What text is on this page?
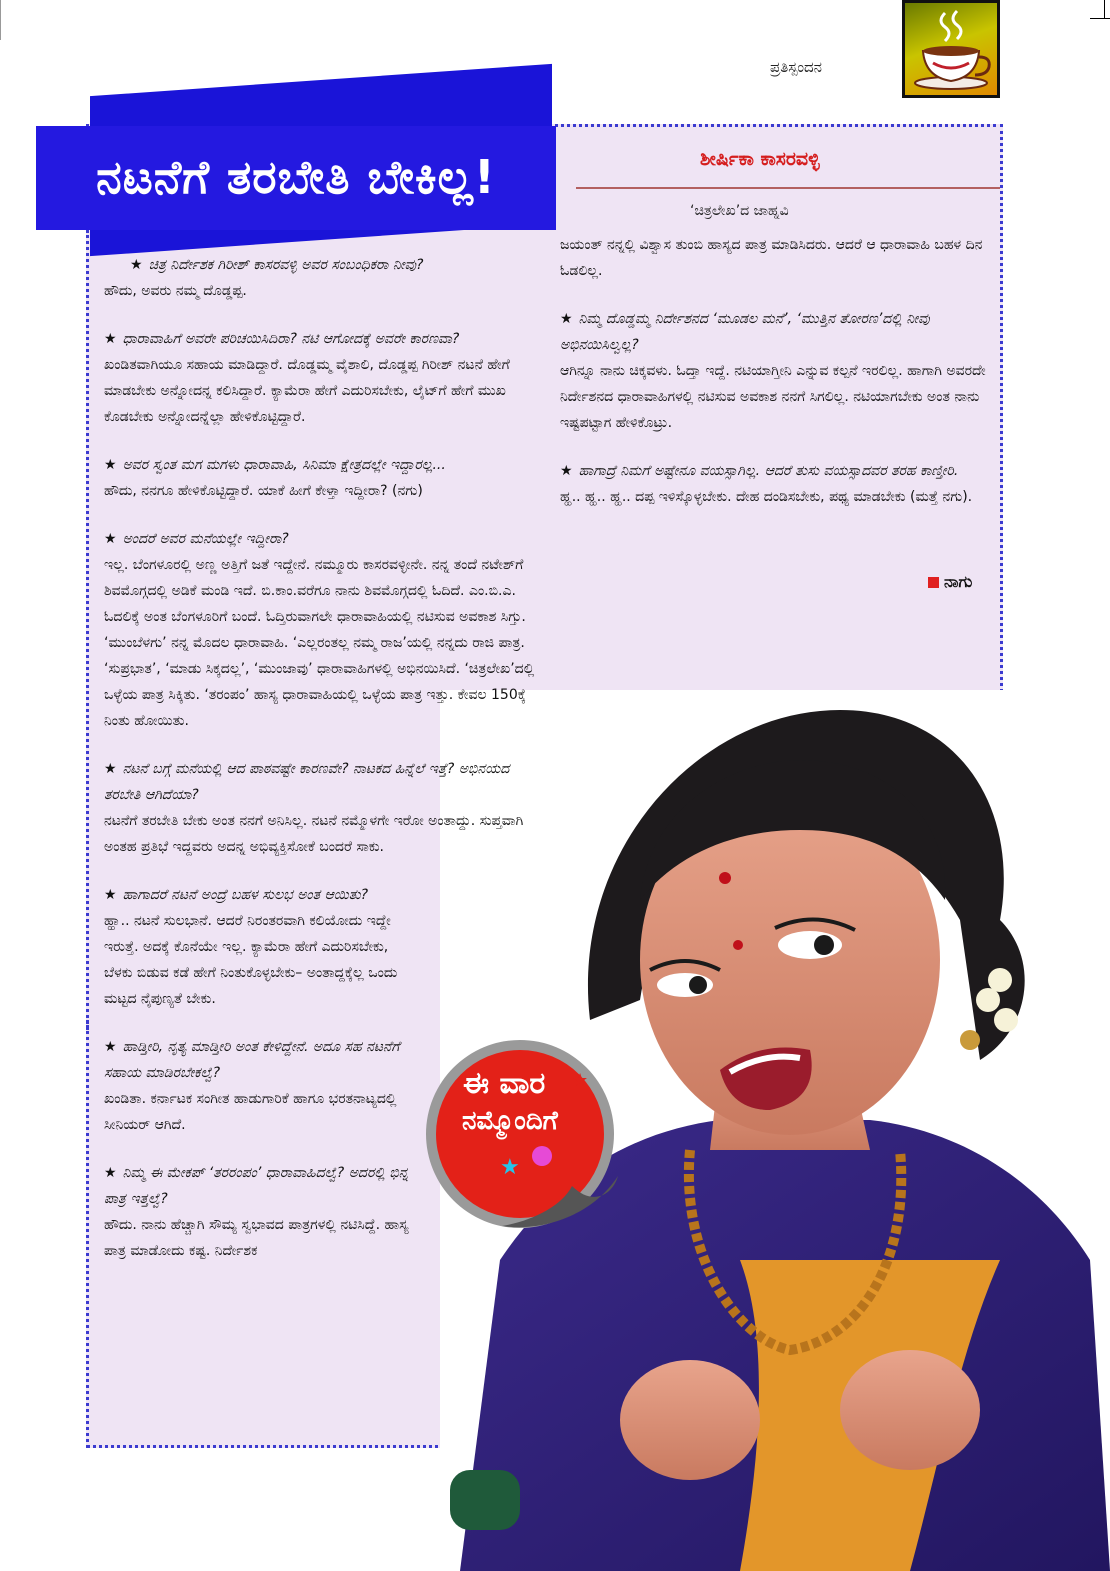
ಪ್ರತಿಸ್ಪಂದನ
ನಟನೆಗೆ ತರಬೇತಿ ಬೇಕಿಲ್ಲ!	ಶೀರ್ಷಿಕಾ ಕಾಸರವಳ್ಳಿ
‘ಚಿತ್ರಲೇಖ’ದ ಜಾಹ್ನವಿ

★ ಚಿತ್ರ ನಿರ್ದೇಶಕ ಗಿರೀಶ್ ಕಾಸರವಳ್ಳಿ ಅವರ ಸಂಬಂಧಿಕರಾ ನೀವು?

ಹೌದು, ಅವರು ನಮ್ಮ ದೊಡ್ಡಪ್ಪ.

★ ಧಾರಾವಾಹಿಗೆ ಅವರೇ ಪರಿಚಯಿಸಿದಿರಾ? ನಟಿ ಆಗೋದಕ್ಕೆ ಅವರೇ ಕಾರಣವಾ?

ಖಂಡಿತವಾಗಿಯೂ ಸಹಾಯ ಮಾಡಿದ್ದಾರೆ. ದೊಡ್ಡಮ್ಮ ವೈಶಾಲಿ, ದೊಡ್ಡಪ್ಪ ಗಿರೀಶ್ ನಟನೆ ಹೇಗೆ ಮಾಡಬೇಕು ಅನ್ನೋದನ್ನ ಕಲಿಸಿದ್ದಾರೆ. ಕ್ಯಾಮೆರಾ ಹೇಗೆ ಎದುರಿಸಬೇಕು, ಲೈಟ್‌ಗೆ ಹೇಗೆ ಮುಖ ಕೊಡಬೇಕು ಅನ್ನೋದನ್ನೆಲ್ಲಾ ಹೇಳಿಕೊಟ್ಟಿದ್ದಾರೆ.

★ ಅವರ ಸ್ವಂತ ಮಗ ಮಗಳು ಧಾರಾವಾಹಿ, ಸಿನಿಮಾ ಕ್ಷೇತ್ರದಲ್ಲೇ ಇದ್ದಾರಲ್ಲ...

ಹೌದು, ನನಗೂ ಹೇಳಿಕೊಟ್ಟಿದ್ದಾರೆ. ಯಾಕೆ ಹೀಗೆ ಕೇಳ್ತಾ ಇದ್ದೀರಾ? (ನಗು)

★ ಅಂದರೆ ಅವರ ಮನೆಯಲ್ಲೇ ಇದ್ದೀರಾ?

ಇಲ್ಲ. ಬೆಂಗಳೂರಲ್ಲಿ ಅಣ್ಣ ಅತ್ತಿಗೆ ಜತೆ ಇದ್ದೇನೆ. ನಮ್ಮೂರು ಕಾಸರವಳ್ಳೀನೇ. ನನ್ನ ತಂದೆ ನಟೇಶ್‌ಗೆ ಶಿವಮೊಗ್ಗದಲ್ಲಿ ಅಡಿಕೆ ಮಂಡಿ ಇದೆ. ಬಿ.ಕಾಂ.ವರೆಗೂ ನಾನು ಶಿವಮೊಗ್ಗದಲ್ಲಿ ಓದಿದೆ. ಎಂ.ಬಿ.ಎ. ಓದಲಿಕ್ಕೆ ಅಂತ ಬೆಂಗಳೂರಿಗೆ ಬಂದೆ. ಓದ್ತಿರುವಾಗಲೇ ಧಾರಾವಾಹಿಯಲ್ಲಿ ನಟಿಸುವ ಅವಕಾಶ ಸಿಗ್ತು. ‘ಮುಂಬೆಳಗು’ ನನ್ನ ಮೊದಲ ಧಾರಾವಾಹಿ. ‘ಎಲ್ಲರಂತಲ್ಲ ನಮ್ಮ ರಾಜ’ಯಲ್ಲಿ ನನ್ನದು ರಾಜಿ ಪಾತ್ರ. ‘ಸುಪ್ರಭಾತ’, ‘ಮಾಡು ಸಿಕ್ಕದಲ್ಲ’, ‘ಮುಂಜಾವು’ ಧಾರಾವಾಹಿಗಳಲ್ಲಿ ಅಭಿನಯಿಸಿದೆ. ‘ಚಿತ್ರಲೇಖ’ದಲ್ಲಿ ಒಳ್ಳೆಯ ಪಾತ್ರ ಸಿಕ್ಕಿತು. ‘ತರಂಪಂ’ ಹಾಸ್ಯ ಧಾರಾವಾಹಿಯಲ್ಲಿ ಒಳ್ಳೆಯ ಪಾತ್ರ ಇತ್ತು. ಕೇವಲ 150ಕ್ಕೆ ನಿಂತು ಹೋಯಿತು.

★ ನಟನೆ ಬಗ್ಗೆ ಮನೆಯಲ್ಲಿ ಆದ ಪಾಠವಷ್ಟೇ ಕಾರಣವೇ? ನಾಟಕದ ಹಿನ್ನೆಲೆ ಇತ್ತೆ? ಅಭಿನಯದ ತರಬೇತಿ ಆಗಿದೆಯಾ?

ನಟನೆಗೆ ತರಬೇತಿ ಬೇಕು ಅಂತ ನನಗೆ ಅನಿಸಿಲ್ಲ. ನಟನೆ ನಮ್ಮೊಳಗೇ ಇರೋ ಅಂತಾದ್ದು. ಸುಪ್ತವಾಗಿ ಅಂತಹ ಪ್ರತಿಭೆ ಇದ್ದವರು ಅದನ್ನ ಅಭಿವ್ಯಕ್ತಿಸೋಕೆ ಬಂದರೆ ಸಾಕು.

★ ಹಾಗಾದರೆ ನಟನೆ ಅಂದ್ರೆ ಬಹಳ ಸುಲಭ ಅಂತ ಆಯಿತು?

ಹ್ಹಾ.. ನಟನೆ ಸುಲಭಾನೆ. ಆದರೆ ನಿರಂತರವಾಗಿ ಕಲಿಯೋದು ಇದ್ದೇ ಇರುತ್ತೆ. ಅದಕ್ಕೆ ಕೊನೆಯೇ ಇಲ್ಲ. ಕ್ಯಾಮೆರಾ ಹೇಗೆ ಎದುರಿಸಬೇಕು, ಬೆಳಕು ಬಿಡುವ ಕಡೆ ಹೇಗೆ ನಿಂತುಕೊಳ್ಳಬೇಕು– ಅಂತಾದ್ದಕ್ಕೆಲ್ಲ ಒಂದು ಮಟ್ಟದ ನೈಪುಣ್ಯತೆ ಬೇಕು.

★ ಹಾಡ್ತೀರಿ, ನೃತ್ಯ ಮಾಡ್ತೀರಿ ಅಂತ ಕೇಳಿದ್ದೇನೆ. ಅದೂ ಸಹ ನಟನೆಗೆ ಸಹಾಯ ಮಾಡಿರಬೇಕಲ್ವೆ?

ಖಂಡಿತಾ. ಕರ್ನಾಟಕ ಸಂಗೀತ ಹಾಡುಗಾರಿಕೆ ಹಾಗೂ ಭರತನಾಟ್ಯದಲ್ಲಿ ಸೀನಿಯರ್ ಆಗಿದೆ.

★ ನಿಮ್ಮ ಈ ಮೇಕಪ್ ‘ತರರಂಪಂ’ ಧಾರಾವಾಹಿದಲ್ವೆ? ಅದರಲ್ಲಿ ಭಿನ್ನ ಪಾತ್ರ ಇತ್ತಲ್ವೆ?

ಹೌದು. ನಾನು ಹೆಚ್ಚಾಗಿ ಸೌಮ್ಯ ಸ್ವಭಾವದ ಪಾತ್ರಗಳಲ್ಲಿ ನಟಿಸಿದ್ದೆ. ಹಾಸ್ಯ ಪಾತ್ರ ಮಾಡೋದು ಕಷ್ಟ. ನಿರ್ದೇಶಕ

ಜಯಂತ್ ನನ್ನಲ್ಲಿ ವಿಶ್ವಾಸ ತುಂಬಿ ಹಾಸ್ಯದ ಪಾತ್ರ ಮಾಡಿಸಿದರು. ಆದರೆ ಆ ಧಾರಾವಾಹಿ ಬಹಳ ದಿನ ಓಡಲಿಲ್ಲ.

★ ನಿಮ್ಮ ದೊಡ್ಡಮ್ಮ ನಿರ್ದೇಶನದ ‘ಮೂಡಲ ಮನೆ’, ‘ಮುತ್ತಿನ ತೋರಣ’ದಲ್ಲಿ ನೀವು ಅಭಿನಯಿಸಿಲ್ವಲ್ಲ?

ಆಗಿನ್ನೂ ನಾನು ಚಿಕ್ಕವಳು. ಓದ್ತಾ ಇದ್ದೆ. ನಟಿಯಾಗ್ತೀನಿ ಎನ್ನುವ ಕಲ್ಪನೆ ಇರಲಿಲ್ಲ. ಹಾಗಾಗಿ ಅವರದೇ ನಿರ್ದೇಶನದ ಧಾರಾವಾಹಿಗಳಲ್ಲಿ ನಟಿಸುವ ಅವಕಾಶ ನನಗೆ ಸಿಗಲಿಲ್ಲ. ನಟಿಯಾಗಬೇಕು ಅಂತ ನಾನು ಇಷ್ಟಪಟ್ಟಾಗ ಹೇಳಿಕೊಟ್ರು.

★ ಹಾಗಾದ್ರೆ ನಿಮಗೆ ಅಷ್ಟೇನೂ ವಯಸ್ಸಾಗಿಲ್ಲ. ಆದರೆ ತುಸು ವಯಸ್ಸಾದವರ ತರಹ ಕಾಣ್ತೀರಿ.

ಹ್ಹ.. ಹ್ಹ.. ಹ್ಹ.. ದಪ್ಪ ಇಳಿಸ್ಕೊಳ್ಳಬೇಕು. ದೇಹ ದಂಡಿಸಬೇಕು, ಪಥ್ಯ ಮಾಡಬೇಕು (ಮತ್ತೆ ನಗು).

ನಾಗು
★
★
ಈ ವಾರ
ನಮ್ಮೊಂದಿಗೆ
